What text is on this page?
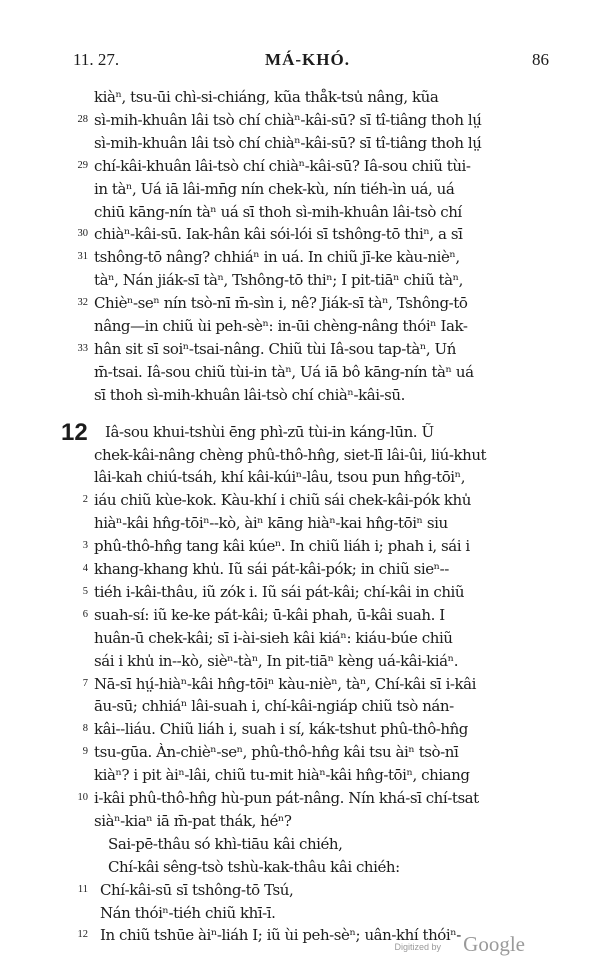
11. 27.	MÁ-KHÓ.	86
kiàⁿ, tsu-ūi chì-si-chiáng, kũa thåk-tsu̍ nâng, kũa
28 sì-mih-khuân lâi tsò chí chiàⁿ-kâi-sū? sī tî-tiâng thoh lṳ́
sì-mih-khuân lâi tsò chí chiàⁿ-kâi-sū? sī tî-tiâng thoh lṳ́
29 chí-kâi-khuân lâi-tsò chí chiàⁿ-kâi-sū? Iâ-sou chiũ tùi-
in tàⁿ, Uá iā lâi-mn̄g nín chek-kù, nín tiéh-ìn uá, uá
chiū kāng-nín tàⁿ uá sī thoh sì-mih-khuân lâi-tsò chí
30 chiàⁿ-kâi-sū. Iak-hân kâi sói-lói sī tshông-tō thiⁿ, a sī
31 tshông-tō nâng? chhiáⁿ in uá. In chiũ jī-ke kàu-nièⁿ,
tàⁿ, Nán jiák-sī tàⁿ, Tshông-tō thiⁿ; I pit-tiāⁿ chiũ tàⁿ,
32 Chièⁿ-seⁿ nín tsò-nī m̄-sìn i, nê? Jiák-sī tàⁿ, Tshông-tō
nâng—in chiũ ùi peh-sèⁿ: in-ūi chèng-nâng thóiⁿ Iak-
33 hân sit sī soiⁿ-tsai-nâng. Chiũ tùi Iâ-sou tap-tàⁿ, Uń
m̄-tsai. Iâ-sou chiũ tùi-in tàⁿ, Uá iā bô kāng-nín tàⁿ uá
sī thoh sì-mih-khuân lâi-tsò chí chiàⁿ-kâi-sū.
12 Iâ-sou khui-tshùi ēng phì-zū tùi-in káng-lūn. Ũ
chek-kâi-nâng chèng phû-thô-hn̂g, siet-lī lâi-ûi, liú-khut
lâi-kah chiú-tsáh, khí kâi-kúiⁿ-lâu, tsou pun hn̂g-tōiⁿ,
2 iáu chiũ kùe-kok. Kàu-khí i chiũ sái chek-kâi-pók khu̍
hiàⁿ-kâi hn̂g-tōiⁿ--kò, àiⁿ kāng hiàⁿ-kai hn̂g-tōiⁿ siu
3 phû-thô-hn̂g tang kâi kúeⁿ. In chiũ liáh i; phah i, sái i
4 khang-khang khu̍. Iũ sái pát-kâi-pók; in chiũ sieⁿ--
5 tiéh i-kâi-thâu, iũ zók i. Iũ sái pát-kâi; chí-kâi in chiũ
6 suah-sí: iũ ke-ke pát-kâi; ū-kâi phah, ū-kâi suah. I
huân-ū chek-kâi; sī i-ài-sieh kâi kiáⁿ: kiáu-búe chiũ
sái i khu̍ in--kò, sièⁿ-tàⁿ, In pit-tiāⁿ kèng uá-kâi-kiáⁿ.
7 Nā-sī hṳ́-hiàⁿ-kâi hn̂g-tōiⁿ kàu-nièⁿ, tàⁿ, Chí-kâi sī i-kâi
āu-sū; chhiáⁿ lâi-suah i, chí-kâi-ngiáp chiũ tsò nán-
8 kâi--liáu. Chiũ liáh i, suah i sí, kák-tshut phû-thô-hn̂g
9 tsu-gūa. Àn-chièⁿ-seⁿ, phû-thô-hn̂g kâi tsu àiⁿ tsò-nī
kiàⁿ? i pit àiⁿ-lâi, chiũ tu-mit hiàⁿ-kâi hn̂g-tōiⁿ, chiang
10 i-kâi phû-thô-hn̂g hù-pun pát-nâng. Nín khá-sī chí-tsat
siàⁿ-kiaⁿ iā m̄-pat thák, héⁿ?
Sai-pē-thâu só khì-tiāu kâi chiéh,
Chí-kâi sêng-tsò tshù-kak-thâu kâi chiéh:
11 Chí-kâi-sū sī tshông-tō Tsú,
Nán thóiⁿ-tiéh chiũ khī-ī.
12 In chiũ tshūe àiⁿ-liáh I; iũ ùi peh-sèⁿ; uân-khí thóiⁿ-
Digitized by Google
